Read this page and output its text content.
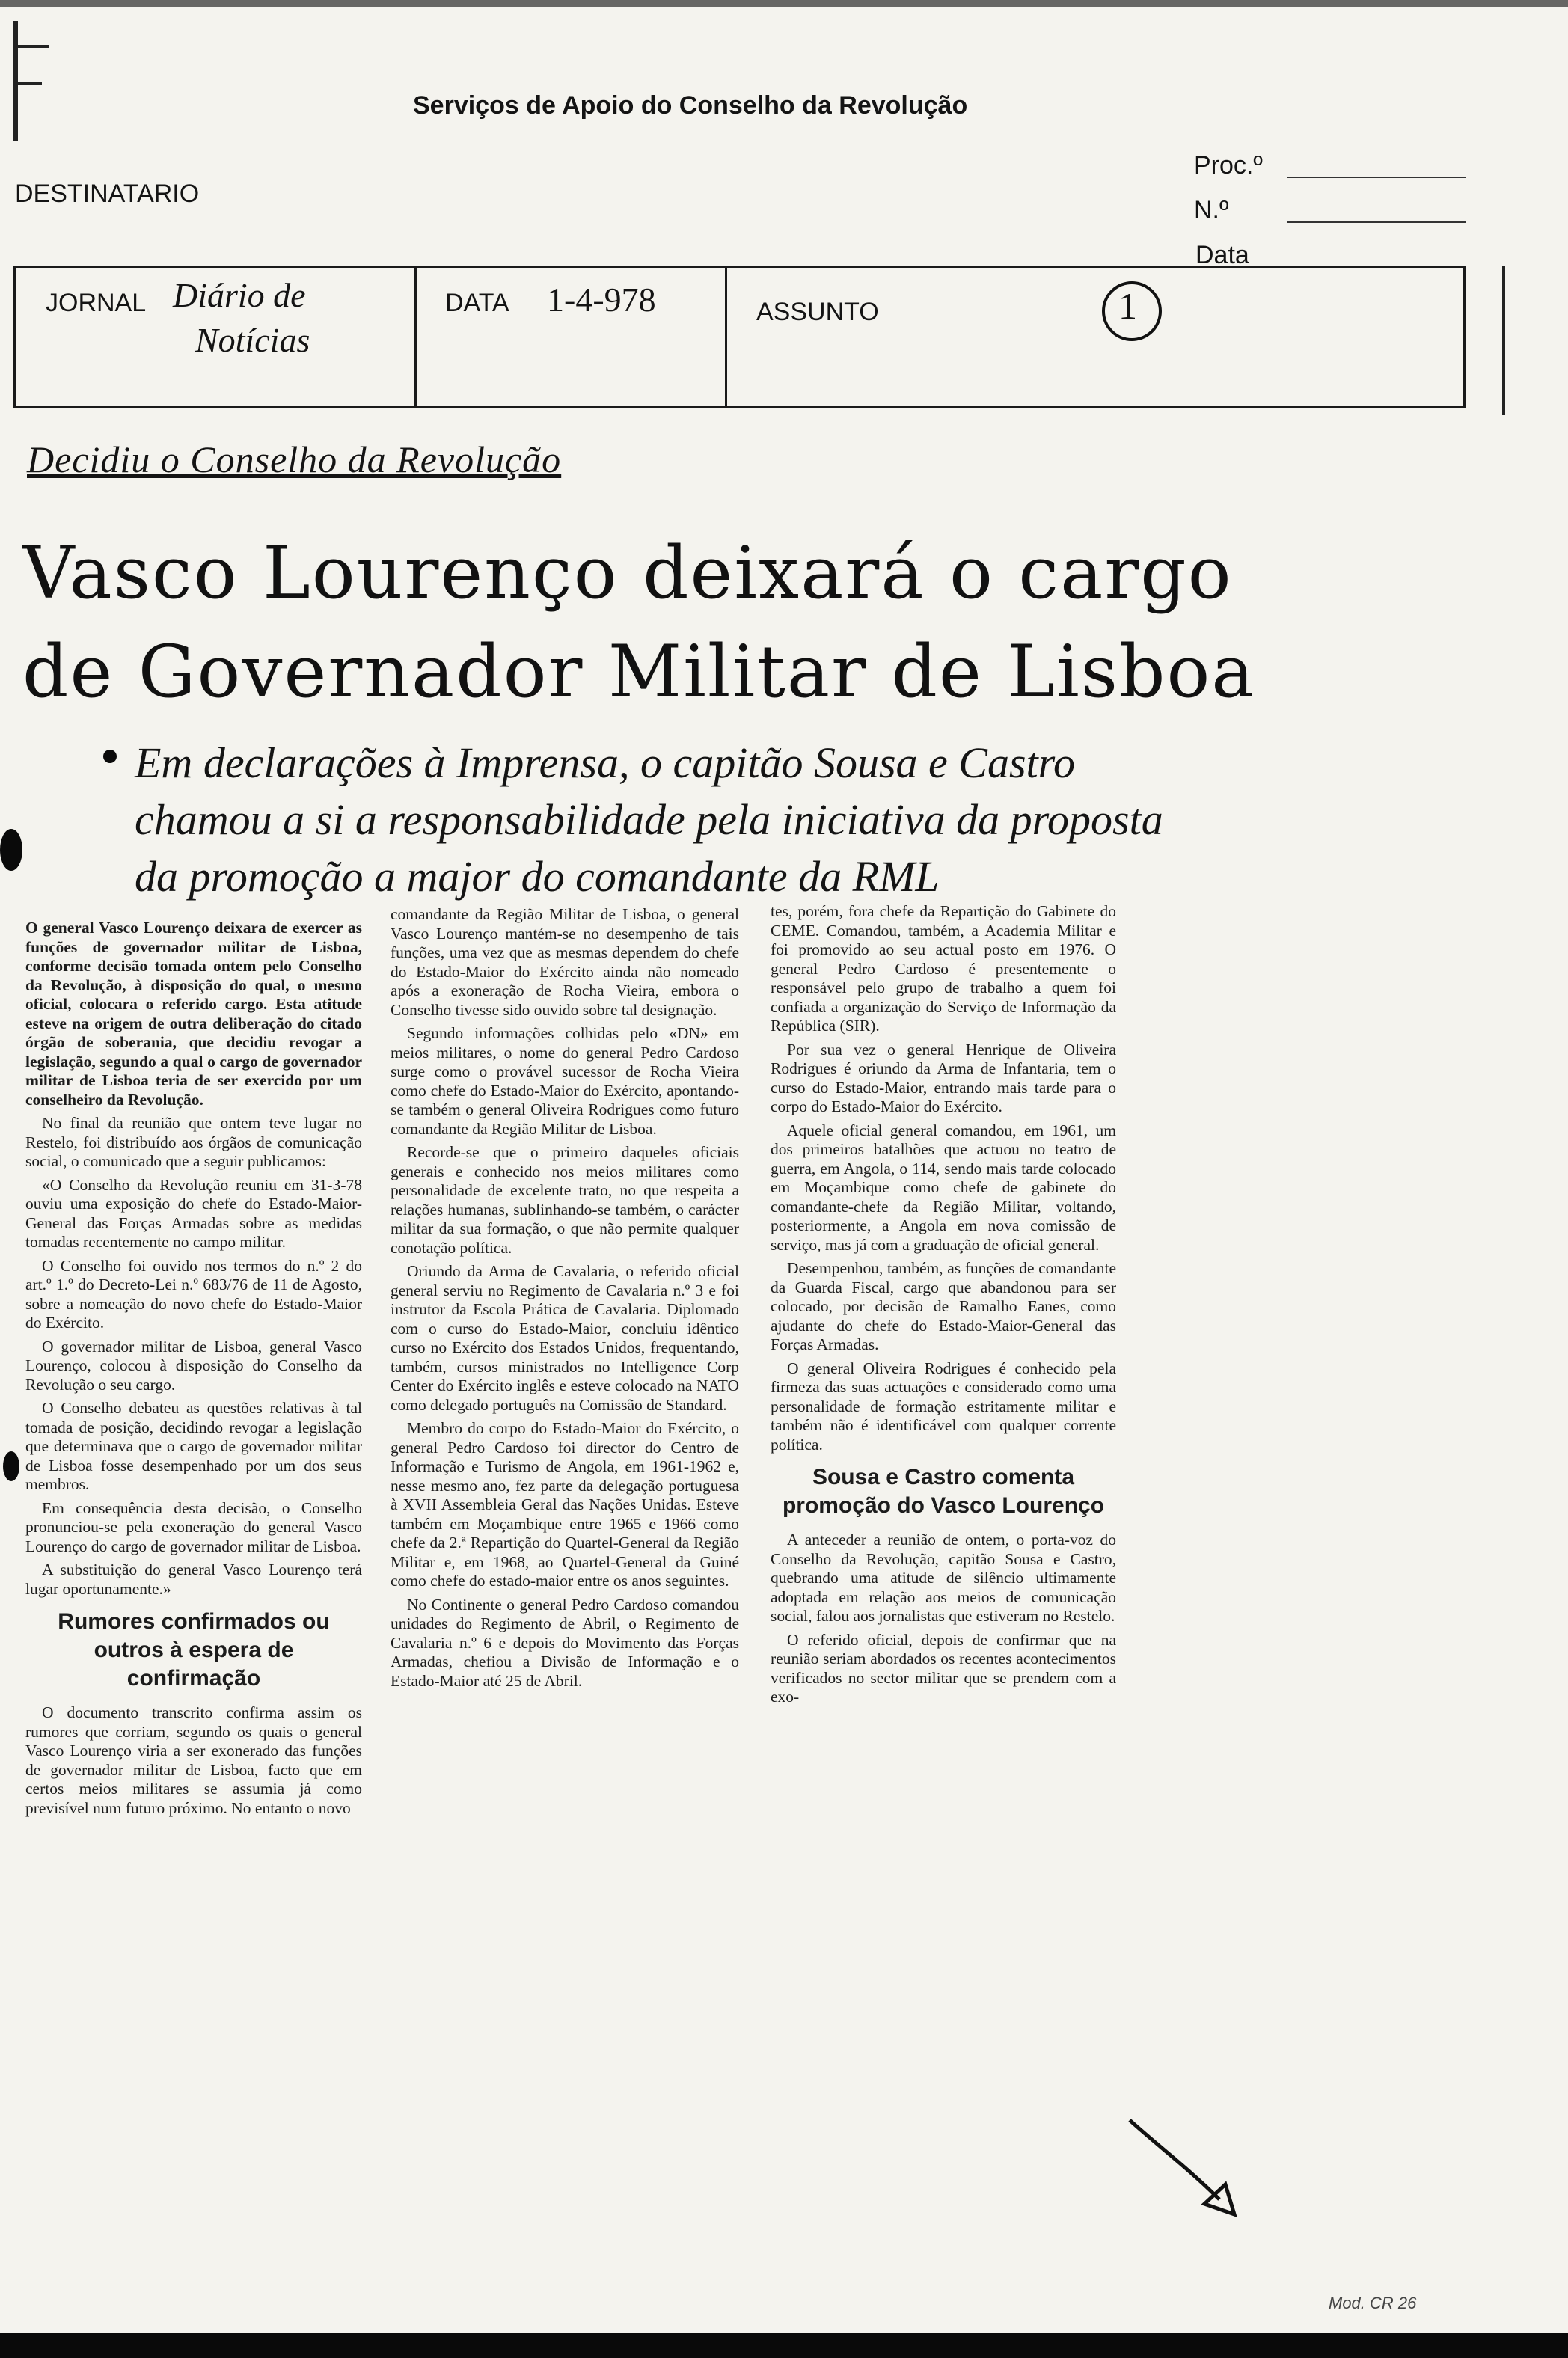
Serviços de Apoio do Conselho da Revolução
DESTINATARIO
Proc.º
N.º
Data
JORNAL Diário de
Notícias
DATA 1-4-978	ASSUNTO	1
Decidiu o Conselho da Revolução
Vasco Lourenço deixará o cargo
de Governador Militar de Lisboa
Em declarações à Imprensa, o capitão Sousa e Castro
chamou a si a responsabilidade pela iniciativa da proposta
da promoção a major do comandante da RML

O general Vasco Lourenço deixara de exercer as funções de governador militar de Lisboa, conforme decisão tomada ontem pelo Conselho da Revolução, à disposição do qual, o mesmo oficial, colocara o referido cargo. Esta atitude esteve na origem de outra deliberação do citado órgão de soberania, que decidiu revogar a legislação, segundo a qual o cargo de governador militar de Lisboa teria de ser exercido por um conselheiro da Revolução.

No final da reunião que ontem teve lugar no Restelo, foi distribuído aos órgãos de comunicação social, o comunicado que a seguir publicamos:

«O Conselho da Revolução reuniu em 31-3-78 ouviu uma exposição do chefe do Estado-Maior-General das Forças Armadas sobre as medidas tomadas recentemente no campo militar.

O Conselho foi ouvido nos termos do n.º 2 do art.º 1.º do Decreto-Lei n.º 683/76 de 11 de Agosto, sobre a nomeação do novo chefe do Estado-Maior do Exército.

O governador militar de Lisboa, general Vasco Lourenço, colocou à disposição do Conselho da Revolução o seu cargo.

O Conselho debateu as questões relativas à tal tomada de posição, decidindo revogar a legislação que determinava que o cargo de governador militar de Lisboa fosse desempenhado por um dos seus membros.

Em consequência desta decisão, o Conselho pronunciou-se pela exoneração do general Vasco Lourenço do cargo de governador militar de Lisboa.

A substituição do general Vasco Lourenço terá lugar oportunamente.»

Rumores confirmados ou outros à espera de confirmação

O documento transcrito confirma assim os rumores que corriam, segundo os quais o general Vasco Lourenço viria a ser exonerado das funções de governador militar de Lisboa, facto que em certos meios militares se assumia já como previsível num futuro próximo. No entanto o novo

comandante da Região Militar de Lisboa, o general Vasco Lourenço mantém-se no desempenho de tais funções, uma vez que as mesmas dependem do chefe do Estado-Maior do Exército ainda não nomeado após a exoneração de Rocha Vieira, embora o Conselho tivesse sido ouvido sobre tal designação.

Segundo informações colhidas pelo «DN» em meios militares, o nome do general Pedro Cardoso surge como o provável sucessor de Rocha Vieira como chefe do Estado-Maior do Exército, apontando-se também o general Oliveira Rodrigues como futuro comandante da Região Militar de Lisboa.

Recorde-se que o primeiro daqueles oficiais generais e conhecido nos meios militares como personalidade de excelente trato, no que respeita a relações humanas, sublinhando-se também, o carácter militar da sua formação, o que não permite qualquer conotação política.

Oriundo da Arma de Cavalaria, o referido oficial general serviu no Regimento de Cavalaria n.º 3 e foi instrutor da Escola Prática de Cavalaria. Diplomado com o curso do Estado-Maior, concluiu idêntico curso no Exército dos Estados Unidos, frequentando, também, cursos ministrados no Intelligence Corp Center do Exército inglês e esteve colocado na NATO como delegado português na Comissão de Standard.

Membro do corpo do Estado-Maior do Exército, o general Pedro Cardoso foi director do Centro de Informação e Turismo de Angola, em 1961-1962 e, nesse mesmo ano, fez parte da delegação portuguesa à XVII Assembleia Geral das Nações Unidas. Esteve também em Moçambique entre 1965 e 1966 como chefe da 2.ª Repartição do Quartel-General da Região Militar e, em 1968, ao Quartel-General da Guiné como chefe do estado-maior entre os anos seguintes.

No Continente o general Pedro Cardoso comandou unidades do Regimento de Abril, o Regimento de Cavalaria n.º 6 e depois do Movimento das Forças Armadas, chefiou a Divisão de Informação e o Estado-Maior até 25 de Abril.

tes, porém, fora chefe da Repartição do Gabinete do CEME. Comandou, também, a Academia Militar e foi promovido ao seu actual posto em 1976. O general Pedro Cardoso é presentemente o responsável pelo grupo de trabalho a quem foi confiada a organização do Serviço de Informação da República (SIR).

Por sua vez o general Henrique de Oliveira Rodrigues é oriundo da Arma de Infantaria, tem o curso do Estado-Maior, entrando mais tarde para o corpo do Estado-Maior do Exército.

Aquele oficial general comandou, em 1961, um dos primeiros batalhões que actuou no teatro de guerra, em Angola, o 114, sendo mais tarde colocado em Moçambique como chefe de gabinete do comandante-chefe da Região Militar, voltando, posteriormente, a Angola em nova comissão de serviço, mas já com a graduação de oficial general.

Desempenhou, também, as funções de comandante da Guarda Fiscal, cargo que abandonou para ser colocado, por decisão de Ramalho Eanes, como ajudante do chefe do Estado-Maior-General das Forças Armadas.

O general Oliveira Rodrigues é conhecido pela firmeza das suas actuações e considerado como uma personalidade de formação estritamente militar e também não é identificável com qualquer corrente política.

Sousa e Castro comenta promoção do Vasco Lourenço

A anteceder a reunião de ontem, o porta-voz do Conselho da Revolução, capitão Sousa e Castro, quebrando uma atitude de silêncio ultimamente adoptada em relação aos meios de comunicação social, falou aos jornalistas que estiveram no Restelo.

O referido oficial, depois de confirmar que na reunião seriam abordados os recentes acontecimentos verificados no sector militar que se prendem com a exo-

Mod. CR 26
